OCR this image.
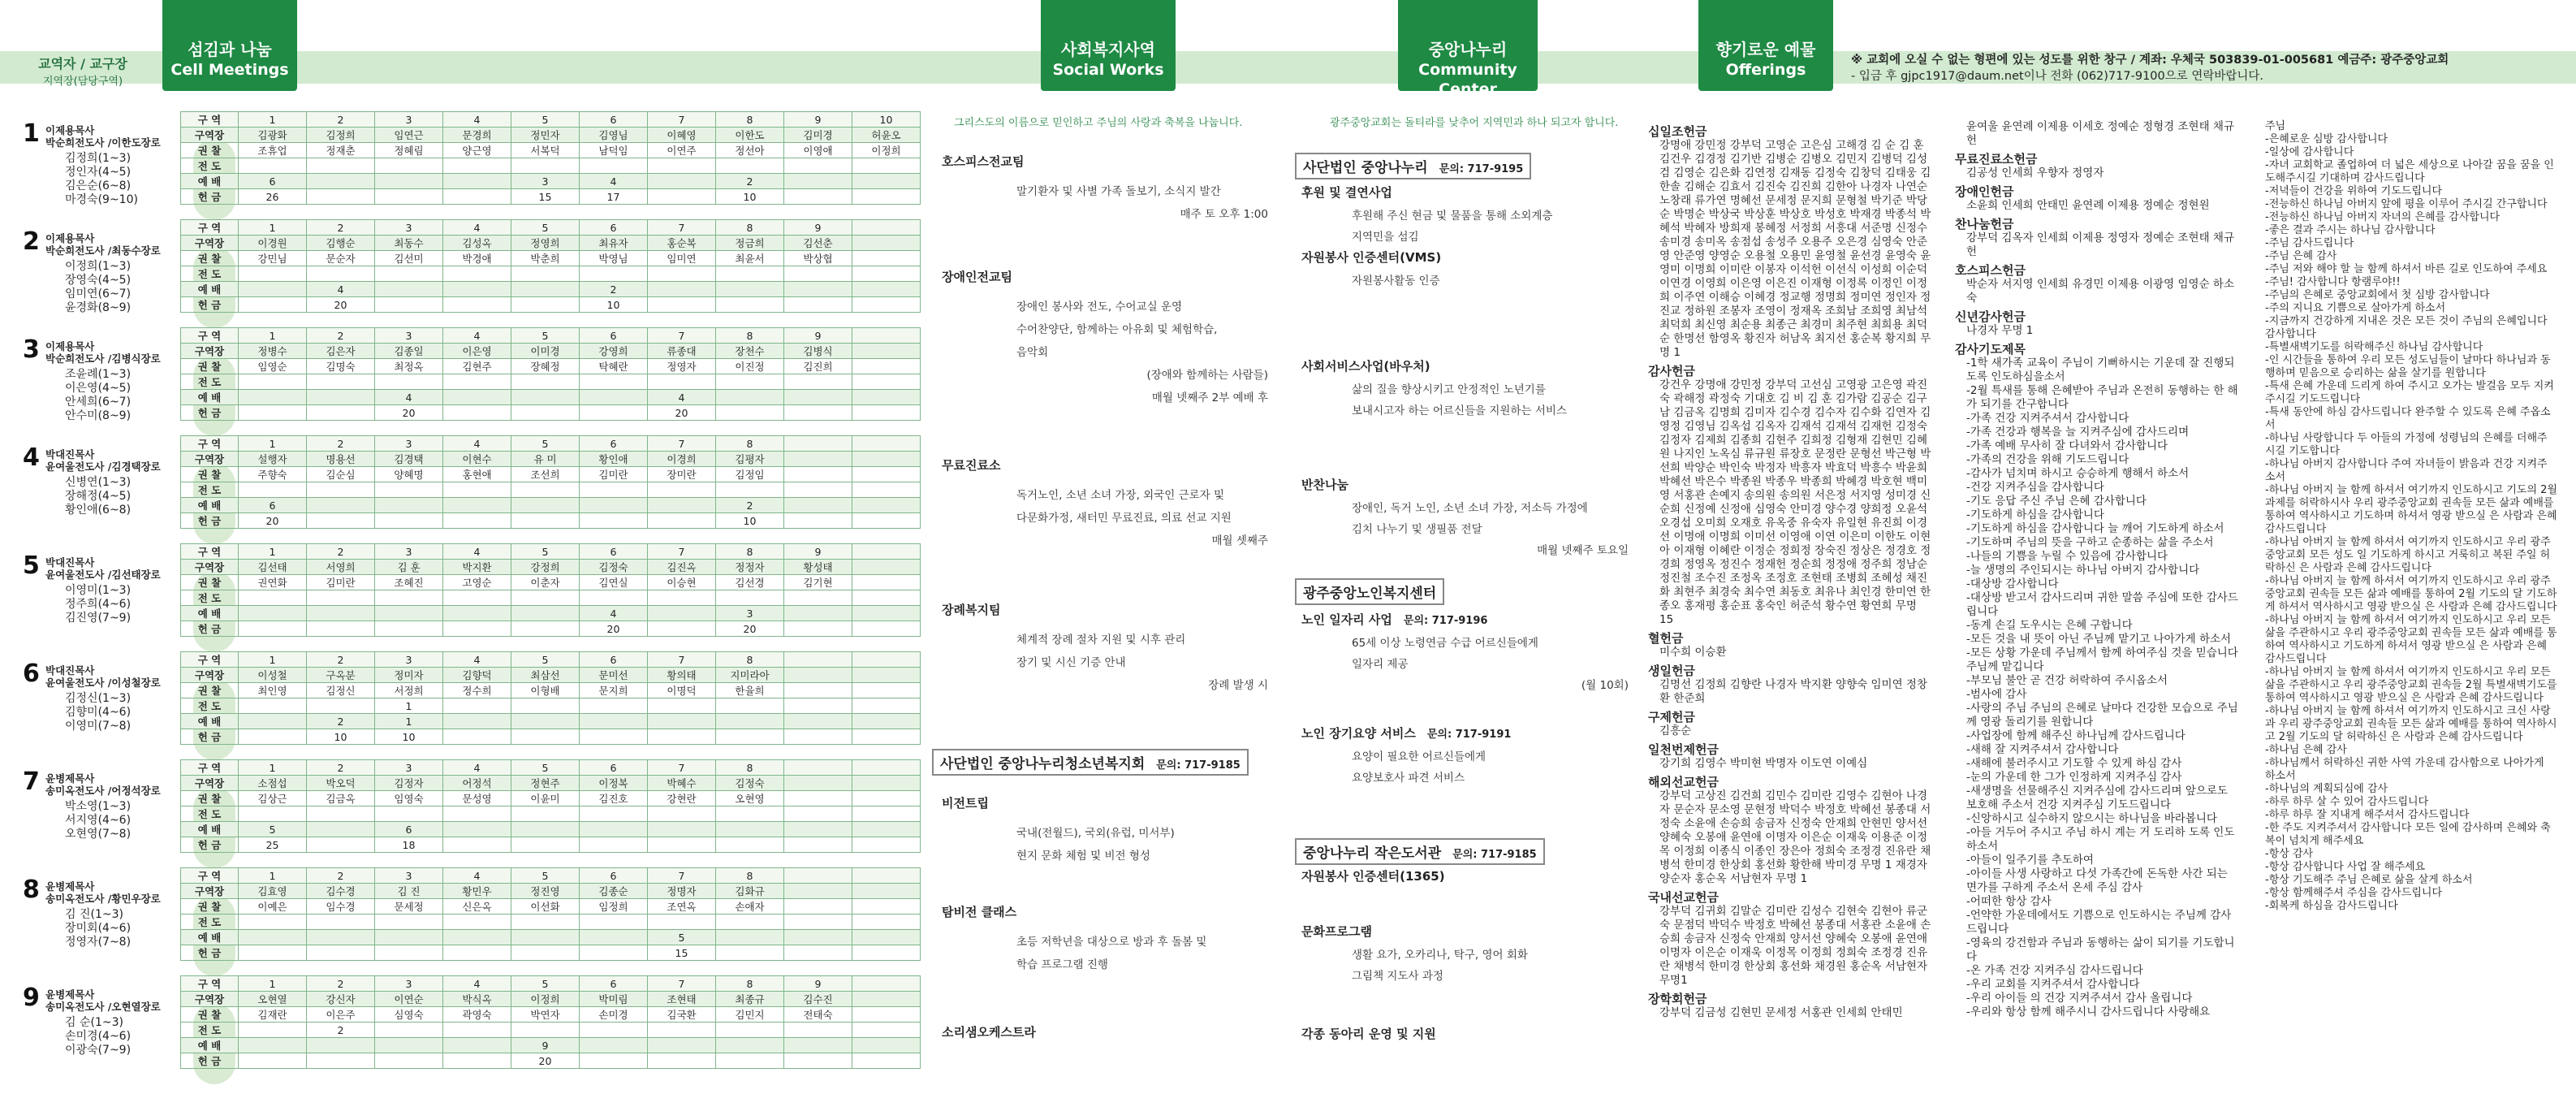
교역자 / 교구장
지역장(담당구역)
섬김과 나눔
Cell Meetings
사회복지사역
Social Works
중앙나누리
Community Center
향기로운 예물
Offerings
※ 교회에 오실 수 없는 형편에 있는 성도를 위한 창구 / 계좌: 우체국 503839-01-005681 예금주: 광주중앙교회
- 입금 후 gjpc1917@daum.net이나 전화 (062)717-9100으로 연락바랍니다.
1 이제용목사
박순희전도사 /이한도장로
김정희(1~3)
정인자(4~5)
김은순(6~8)
마경숙(9~10)
구 역	1	2	3	4	5	6	7	8	9	10
구역장	김광화	김정희	임연근	문경희	정민자	김영님	이혜영	이한도	김미경	허윤오
권 찰	조휴업	정재춘	정혜림	양근영	서복덕	남덕임	이연주	정선아	이영애	이정희
전 도										
예 배	6				3	4		2		
헌 금	26				15	17		10		
2 이제용목사
박순희전도사 /최동수장로
이정희(1~3)
장영숙(4~5)
임미연(6~7)
윤경화(8~9)
구 역	1	2	3	4	5	6	7	8	9	
구역장	이경원	김행순	최동수	김성옥	정영희	최유자	홍순복	정금희	김선춘	
권 찰	강민님	문순자	김선미	박경애	박춘희	박영님	임미연	최윤서	박상협	
전 도										
예 배		4				2				
헌 금		20				10				
3 이제용목사
박순희전도사 /김병식장로
조윤례(1~3)
이은영(4~5)
안세희(6~7)
안수미(8~9)
구 역	1	2	3	4	5	6	7	8	9	
구역장	정병수	김은자	김종일	이은영	이미경	강영희	류종대	장천수	김병식	
권 찰	임영순	김명숙	최정옥	김현주	장혜정	탁혜란	정영자	이진정	김진희	
전 도										
예 배			4				4			
헌 금			20				20			
4 박대진목사
윤여울전도사 /김경택장로
신병연(1~3)
장해정(4~5)
황인애(6~8)
구 역	1	2	3	4	5	6	7	8		
구역장	설행자	명용선	김경택	이현수	유 미	황인애	이경희	김평자		
권 찰	주향숙	김순심	양혜명	홍현애	조선희	김미란	장미란	김정임		
전 도										
예 배	6							2		
헌 금	20							10		
5 박대진목사
윤여울전도사 /김선태장로
이영미(1~3)
정주희(4~6)
김진영(7~9)
구 역	1	2	3	4	5	6	7	8	9	
구역장	김선태	서영희	김 훈	박지환	강정희	김정숙	김진옥	정정자	황성태	
권 찰	권연화	김미란	조혜진	고영순	이춘자	김연실	이승현	김선경	김기현	
전 도										
예 배						4		3		
헌 금						20		20		
6 박대진목사
윤여울전도사 /이성철장로
김정신(1~3)
김향미(4~6)
이영미(7~8)
구 역	1	2	3	4	5	6	7	8		
구역장	이성철	구옥분	정미자	김향덕	최삼선	문미선	황의태	지미라아		
권 찰	최인영	김정신	서정희	정수희	이형배	문지희	이명덕	한율희		
전 도			1							
예 배		2	1							
헌 금		10	10							
7 윤병제목사
송미옥전도사 /어정석장로
박소영(1~3)
서지영(4~6)
오현영(7~8)
구 역	1	2	3	4	5	6	7	8		
구역장	소점섭	박오덕	김정자	어정석	정현주	이정복	박혜수	김정숙		
권 찰	김상근	김금옥	임영숙	문성영	이윤미	김진호	강현란	오현영		
전 도										
예 배	5		6							
헌 금	25		18							
8 윤병제목사
송미옥전도사 /황민우장로
김 진(1~3)
장미회(4~6)
정영자(7~8)
구 역	1	2	3	4	5	6	7	8		
구역장	김효영	김수경	김 진	황민우	정진영	김종순	정명자	김화규		
권 찰	이예은	임수경	문세정	신은옥	이선화	임정희	조연옥	손애자		
전 도										
예 배							5			
헌 금							15			
9 윤병제목사
송미옥전도사 /오현열장로
김 순(1~3)
손미경(4~6)
이광숙(7~9)
구 역	1	2	3	4	5	6	7	8	9	
구역장	오현열	강신자	이연순	박식옥	이정희	박미림	조현태	최종규	김수진	
권 찰	김재란	이은주	심영숙	곽영숙	박연자	손미경	김국환	김민지	전태숙	
전 도		2								
예 배					9					
헌 금					20					
그리스도의 이름으로 믿인하고 주님의 사랑과 축복을 나눕니다.
호스피스전교팀
말기환자 및 사별 가족 돌보기, 소식지 발간
매주 토 오후 1:00
장애인전교팀
장애인 봉사와 전도, 수어교실 운영
수어찬양단, 함께하는 아유회 및 체험학습,
음악회
(장애와 함께하는 사람들)
매월 넷째주 2부 예배 후
무료진료소
독거노인, 소년 소녀 가장, 외국인 근로자 및
다문화가정, 새터민 무료진료, 의료 선교 지원
매월 셋째주
장례복지팀
체계적 장례 절차 지원 및 시후 관리
장기 및 시신 기증 안내
장례 발생 시
사단법인 중앙나누리청소년복지회 문의: 717-9185
비전트립
국내(전월드), 국외(유럽, 미서부)
현지 문화 체험 및 비전 형성
탐비전 클래스
초등 저학년을 대상으로 방과 후 돌봄 및
학습 프로그램 진행
소리샘오케스트라
광주중앙교회는 돌티라를 낮추어 지역민과 하나 되고자 합니다.
사단법인 중앙나누리 문의: 717-9195
후원 및 결연사업
후원해 주신 현금 및 물품을 통해 소외계층
지역민을 섬김
자원봉사 인증센터(VMS)
자원봉사활동 인증
사회서비스사업(바우처)
삶의 질을 향상시키고 안정적인 노년기를
보내시고자 하는 어르신들을 지원하는 서비스
반찬나눔
장애인, 독거 노인, 소년 소녀 가장, 저소득 가정에
김치 나누기 및 생필품 전달
매월 넷째주 토요일
광주중앙노인복지센터
노인 일자리 사업 문의: 717-9196
65세 이상 노령연금 수급 어르신들에게
일자리 제공
(월 10회)
노인 장기요양 서비스 문의: 717-9191
요양이 필요한 어르신들에게
요양보호사 파견 서비스
중앙나누리 작은도서관 문의: 717-9185
자원봉사 인증센터(1365)
문화프로그램
생활 요가, 오카리나, 탁구, 영어 회화
그림책 지도사 과정
각종 동아리 운영 및 지원

십일조헌금

강명애 강민정 강부덕 고영순 고은심 고해경 김 순 김 훈 김건우 김경정 김기반 김병순 김병오 김민지 김병덕 김성검 김영순 김은화 김연정 김재동 김정숙 김창덕 김태웅 김한솔 김해순 김효서 김진숙 김진희 김한아 나경자 나연순 노창래 류가연 명혜선 문세정 문지희 문형철 박기준 박당순 박명순 박상국 박상훈 박상호 박성호 박재경 박종석 박혜석 박혜자 방희재 봉혜정 서정희 서흥대 서준명 신정수 송미경 송미옥 송점섭 송성주 오용주 오은경 심영숙 안준영 안준영 양영순 오용철 오용민 윤영철 윤선경 윤영숙 윤영미 이명희 이미란 이봉자 이석헌 이선식 이성희 이순덕 이연경 이영희 이은영 이은진 이재형 이정록 이정인 이정희 이주연 이해승 이혜경 정교행 정명희 정미연 정인자 정진교 정하원 조봉자 조영이 정재옥 조희남 조희영 최남석 최덕희 최신영 최순용 최종근 최경미 최주현 최희용 최덕순 한명선 함영옥 황진자 허남옥 최지선 홍순복 황지희 무명 1

감사헌금

강건우 강명애 강민정 강부덕 고선심 고영광 고은영 곽진숙 곽해정 곽정숙 기대호 김 비 김 훈 김가람 김공순 김구남 김금옥 김명희 김미자 김수경 김수자 김수화 김연자 김영정 김영님 김옥섭 김옥자 김재석 김재석 김재헌 김정숙 김정자 김제희 김종희 김현주 김희정 김형재 김현민 김혜원 나지인 노옥심 류규원 류장호 문정란 문형선 박근형 박선희 박양순 박인숙 박정자 박흥자 박효덕 박흥수 박윤희 박혜선 박은수 박종원 박종우 박종희 박혜경 박호현 백미영 서홍관 손예지 송의원 송의원 서은정 서지영 성미경 신순희 신정예 신정애 심영숙 안미경 양수경 양희정 오윤석 오경섭 오미희 오재호 유옥중 유숙자 유일현 유진희 이경선 이명애 이명희 이미선 이영애 이연 이은미 이한도 이현아 이재형 이혜란 이정순 정희정 장숙진 정상은 정경호 정경희 정영옥 정진수 정재헌 정순희 정정애 정주희 정남순 정진철 조수진 조정옥 조정호 조현태 조병희 조혜성 채진화 최현주 최경숙 최수연 최동호 최유나 최인경 한미연 한종오 홍재평 홍순표 홍숙인 허준석 황수연 황연희 무명 15

혈헌금

미수희 이승환

생일헌금

김명선 김정희 김향란 나경자 박지환 양향숙 임미연 정창환 한준희

구제헌금

김흥순

일천번제헌금

강기희 김영수 박미현 박명자 이도연 이예심

해외선교헌금

강부덕 고상진 김건희 김민수 김미란 김영수 김현아 나경자 문순자 문소영 문현정 박덕수 박정호 박혜선 봉종대 서정숙 소윤애 손승희 송금자 신정숙 안재희 안현민 양서선 양혜숙 오봉애 윤연애 이명자 이은순 이재욱 이용준 이정목 이정희 이종식 이종인 장은아 정희숙 조정경 진유란 채병석 한미경 한상회 홍선화 황한해 박미경 무명 1 재경자 양순자 홍순옥 서남현자 무명 1

국내선교헌금

강부덕 김귀회 김말순 김미란 김성수 김현숙 김현아 류군숙 문점덕 박덕수 박정호 박혜선 봉종대 서홍관 소윤애 손승희 송금자 신정숙 안재희 양서선 양혜숙 오봉애 윤연애 이명자 이은순 이재욱 이정목 이정희 정희숙 조정경 진유란 채병석 한미경 한상회 홍선화 채경원 홍순옥 서남현자 무명1

장학회헌금

강부덕 김금성 김현민 문세정 서홍관 인세희 안태민

윤여울 윤연례 이제용 이세호 정예순 정형경 조현태 채규헌

무료진료소헌금

김공성 인세희 우향자 정영자

장애인헌금

소윤희 인세희 안태민 윤연례 이제용 정예순 정현원

찬나눔헌금

강부덕 김옥자 인세희 이제용 정영자 정예순 조현태 채규헌

호스피스헌금

박순자 서지영 인세희 유경민 이제용 이광영 임영순 하소숙

신년감사헌금

나경자 무명 1

감사기도제목

-1학 새가족 교육이 주님이 기뻐하시는 기운데 잘 진행되도록 인도하심을소서
-2월 특새를 통해 은혜받아 주님과 온전히 동행하는 한 해가 되기를 간구합니다
-가족 건강 지켜주셔서 감사합니다
-가족 건강과 행복을 늘 지켜주심에 감사드리며
-가족 예배 무사히 잘 다녀와서 감사합니다
-가족의 건강을 위해 기도드립니다
-감사가 넘치며 하시고 승승하게 행해서 하소서
-건강 지켜주심을 감사합니다
-기도 응답 주신 주님 은혜 감사합니다
-기도하게 하심을 감사합니다
-기도하게 하심을 감사합니다 늘 깨어 기도하게 하소서
-기도하며 주님의 뜻을 구하고 순종하는 삶을 주소서
-나들의 기쁨을 누릴 수 있음에 감사합니다
-늘 생명의 주인되시는 하나님 아버지 감사합니다
-대상방 감사합니다
-대상방 받고서 감사드리며 귀한 말씀 주심에 또한 감사드립니다
-동계 손길 도우시는 은혜 구합니다
-모든 것을 내 뜻이 아닌 주님께 맡기고 나아가게 하소서
-모든 상황 가운데 주님께서 함께 하여주심 것을 믿습니다 주님께 맡깁니다
-부모님 불안 곧 건강 허락하여 주시옵소서
-범사에 감사
-사랑의 주님 주님의 은혜로 날마다 건강한 모습으로 주님께 영광 돌리기를 원합니다
-사업장에 함께 해주신 하나님께 감사드립니다
-새해 잘 지켜주셔서 감사합니다
-새해에 불러주시고 기도할 수 있게 하심 감사
-눈의 가운데 한 그가 인정하게 지켜주심 감사
-새생명을 선물해주신 지켜주심에 감사드리며 앞으로도 보호해 주소서 건강 지켜주심 기도드립니다
-신앙하시고 실수하지 않으시는 하나님을 바라봅니다
-아들 거두어 주시고 주님 하시 계는 거 도리하 도록 인도하소서
-아들이 일주기를 추도하여
-아이들 사생 사랑하고 다섯 가족간에 돈독한 사간 되는 면가를 구하게 주소서 온세 주심 감사
-어떠한 항상 감사
-언약한 가운데에서도 기쁨으로 인도하시는 주님께 감사드립니다
-영육의 강건함과 주님과 동행하는 삶이 되기를 기도합니다
-온 가족 건강 지켜주심 감사드립니다
-우리 교회를 지켜주셔서 감사합니다
-우리 아이들 의 건강 지켜주셔서 감사 올립니다
-우리와 항상 함께 해주시니 감사드립니다 사랑해요

주님
-은혜로운 심방 감사합니다
-일상에 감사합니다
-자녀 교회학교 졸업하여 더 넓은 세상으로 나아갈 꿈을 꿈을 인도해주시길 기대하며 감사드립니다
-저녁들이 건강을 위하여 기도드립니다
-전능하신 하나님 아버지 앞에 평을 이루어 주시길 간구합니다
-전능하신 하나님 아버지 자녀의 은혜를 감사합니다
-좋은 결과 주시는 하나님 감사합니다
-주님 감사드립니다
-주님 은혜 감사
-주님 저와 해야 할 늘 함께 하셔서 바른 길로 인도하여 주세요
-주님! 감사합니다 항램루야!!
-주님의 은혜로 중앙교회에서 첫 심방 감사합니다
-주의 지니요 기쁨으로 살아가게 하소서
-지금까지 건강하게 지내온 것은 모든 것이 주님의 은혜입니다 감사합니다
-특별새벽기도를 허락해주신 하나님 감사합니다
-인 시간들을 통하여 우리 모든 성도님들이 날마다 하나님과 동행하며 믿음으로 승리하는 삶을 살기를 원합니다
-특새 은혜 가운데 드리게 하여 주시고 오가는 발걸음 모두 지켜주시길 기도드립니다
-특새 동안에 하심 감사드립니다 완주할 수 있도록 은혜 주옵소서
-하나님 사랑합니다 두 아들의 가정에 성령님의 은혜를 더해주시길 기도합니다
-하나님 아버지 감사합니다 주여 자녀들이 밝음과 건강 지켜주소서
-하나님 아버지 늘 함께 하셔서 여기까지 인도하시고 기도의 2월 과제를 허락하시사 우리 광주중앙교회 권속들 모든 삶과 예배를 통하여 역사하시고 기도하며 하셔서 영광 받으실 은 사람과 은혜 감사드립니다
-하나님 아버지 늘 함께 하셔서 여기까지 인도하시고 우리 광주중앙교회 모든 성도 일 기도하게 하시고 거룩히고 복된 주일 허락하신 은 사람과 은혜 감사드립니다
-하나님 아버지 늘 함께 하셔서 여기까지 인도하시고 우리 광주중앙교회 권속들 모든 삶과 예배를 통하여 2월 기도의 달 기도하게 하셔서 역사하시고 영광 받으실 은 사람과 은혜 감사드립니다
-하나님 아버지 늘 함께 하셔서 여기까지 인도하시고 우리 모든 삶을 주관하시고 우리 광주중앙교회 권속들 모든 삶과 예배를 통하여 역사하시고 기도하게 하셔서 영광 받으실 은 사람과 은혜 감사드립니다
-하나님 아버지 늘 함께 하셔서 여기까지 인도하시고 우리 모든 삶을 주관하시고 우리 광주중앙교회 권속들 2월 특별새벽기도를 통하여 역사하시고 영광 받으실 은 사람과 은혜 감사드립니다
-하나님 아버지 늘 함께 하셔서 여기까지 인도하시고 크신 사랑과 우리 광주중앙교회 권속들 모든 삶과 예배를 통하여 역사하시고 2월 기도의 달 허락하신 은 사람과 은혜 감사드립니다
-하나님 은혜 감사
-하나님께서 허락하신 귀한 사역 가운데 감사함으로 나아가게 하소서
-하나님의 계획되심에 감사
-하루 하루 살 수 있어 감사드립니다
-하루 하루 잘 지내게 해주셔서 감사드립니다
-한 주도 지켜주셔서 감사합니다 모든 일에 감사하며 은혜와 축복이 넘치게 해주세요
-항상 감사
-항상 감사합니다 사업 잘 해주세요
-항상 기도해주 주님 은혜로 삶을 살게 하소서
-항상 함께해주셔 주심을 감사드립니다
-회복케 하심을 감사드립니다
